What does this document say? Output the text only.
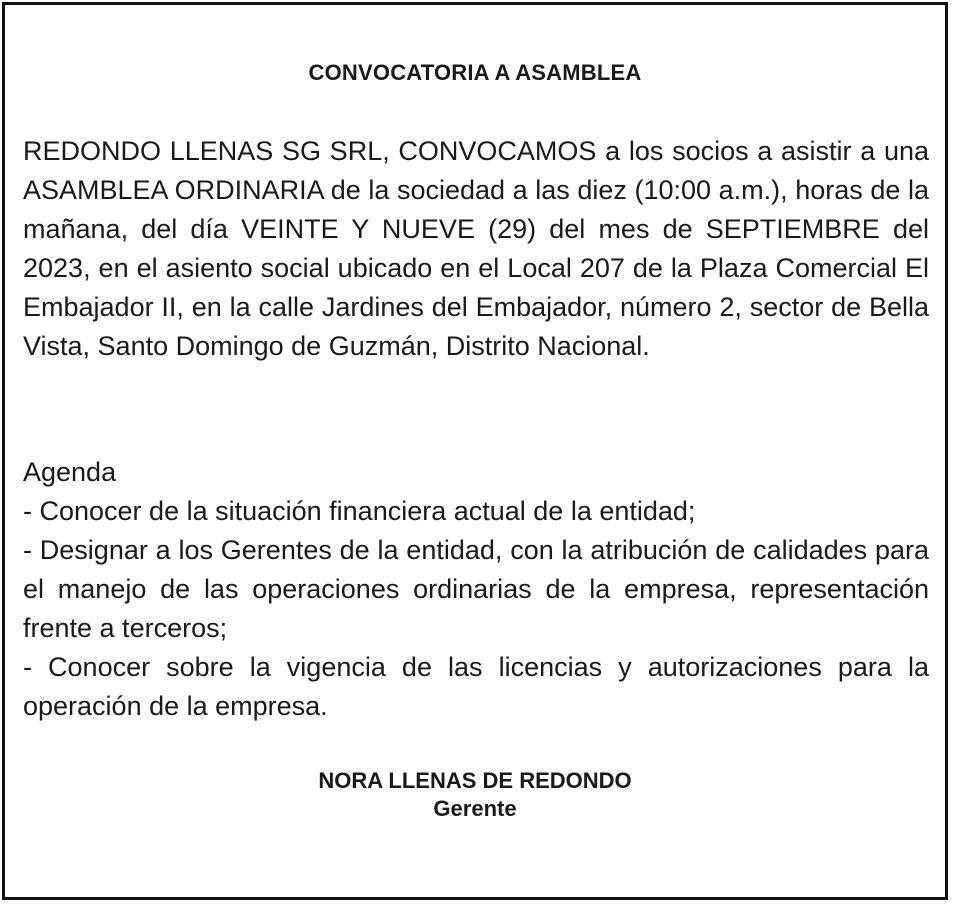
CONVOCATORIA A ASAMBLEA

REDONDO LLENAS SG SRL, CONVOCAMOS a los socios a asistir a una ASAMBLEA ORDINARIA de la sociedad a las diez (10:00 a.m.), horas de la mañana, del día VEINTE Y NUEVE (29) del mes de SEPTIEMBRE del 2023, en el asiento social ubicado en el Local 207 de la Plaza Comercial El Embajador II, en la calle Jardines del Embajador, número 2, sector de Bella Vista, Santo Domingo de Guzmán, Distrito Nacional.

Agenda

- Conocer de la situación financiera actual de la entidad;

- Designar a los Gerentes de la entidad, con la atribución de calidades para el manejo de las operaciones ordinarias de la empresa, representación frente a terceros;

- Conocer sobre la vigencia de las licencias y autorizaciones para la operación de la empresa.

NORA LLENAS DE REDONDO
Gerente
